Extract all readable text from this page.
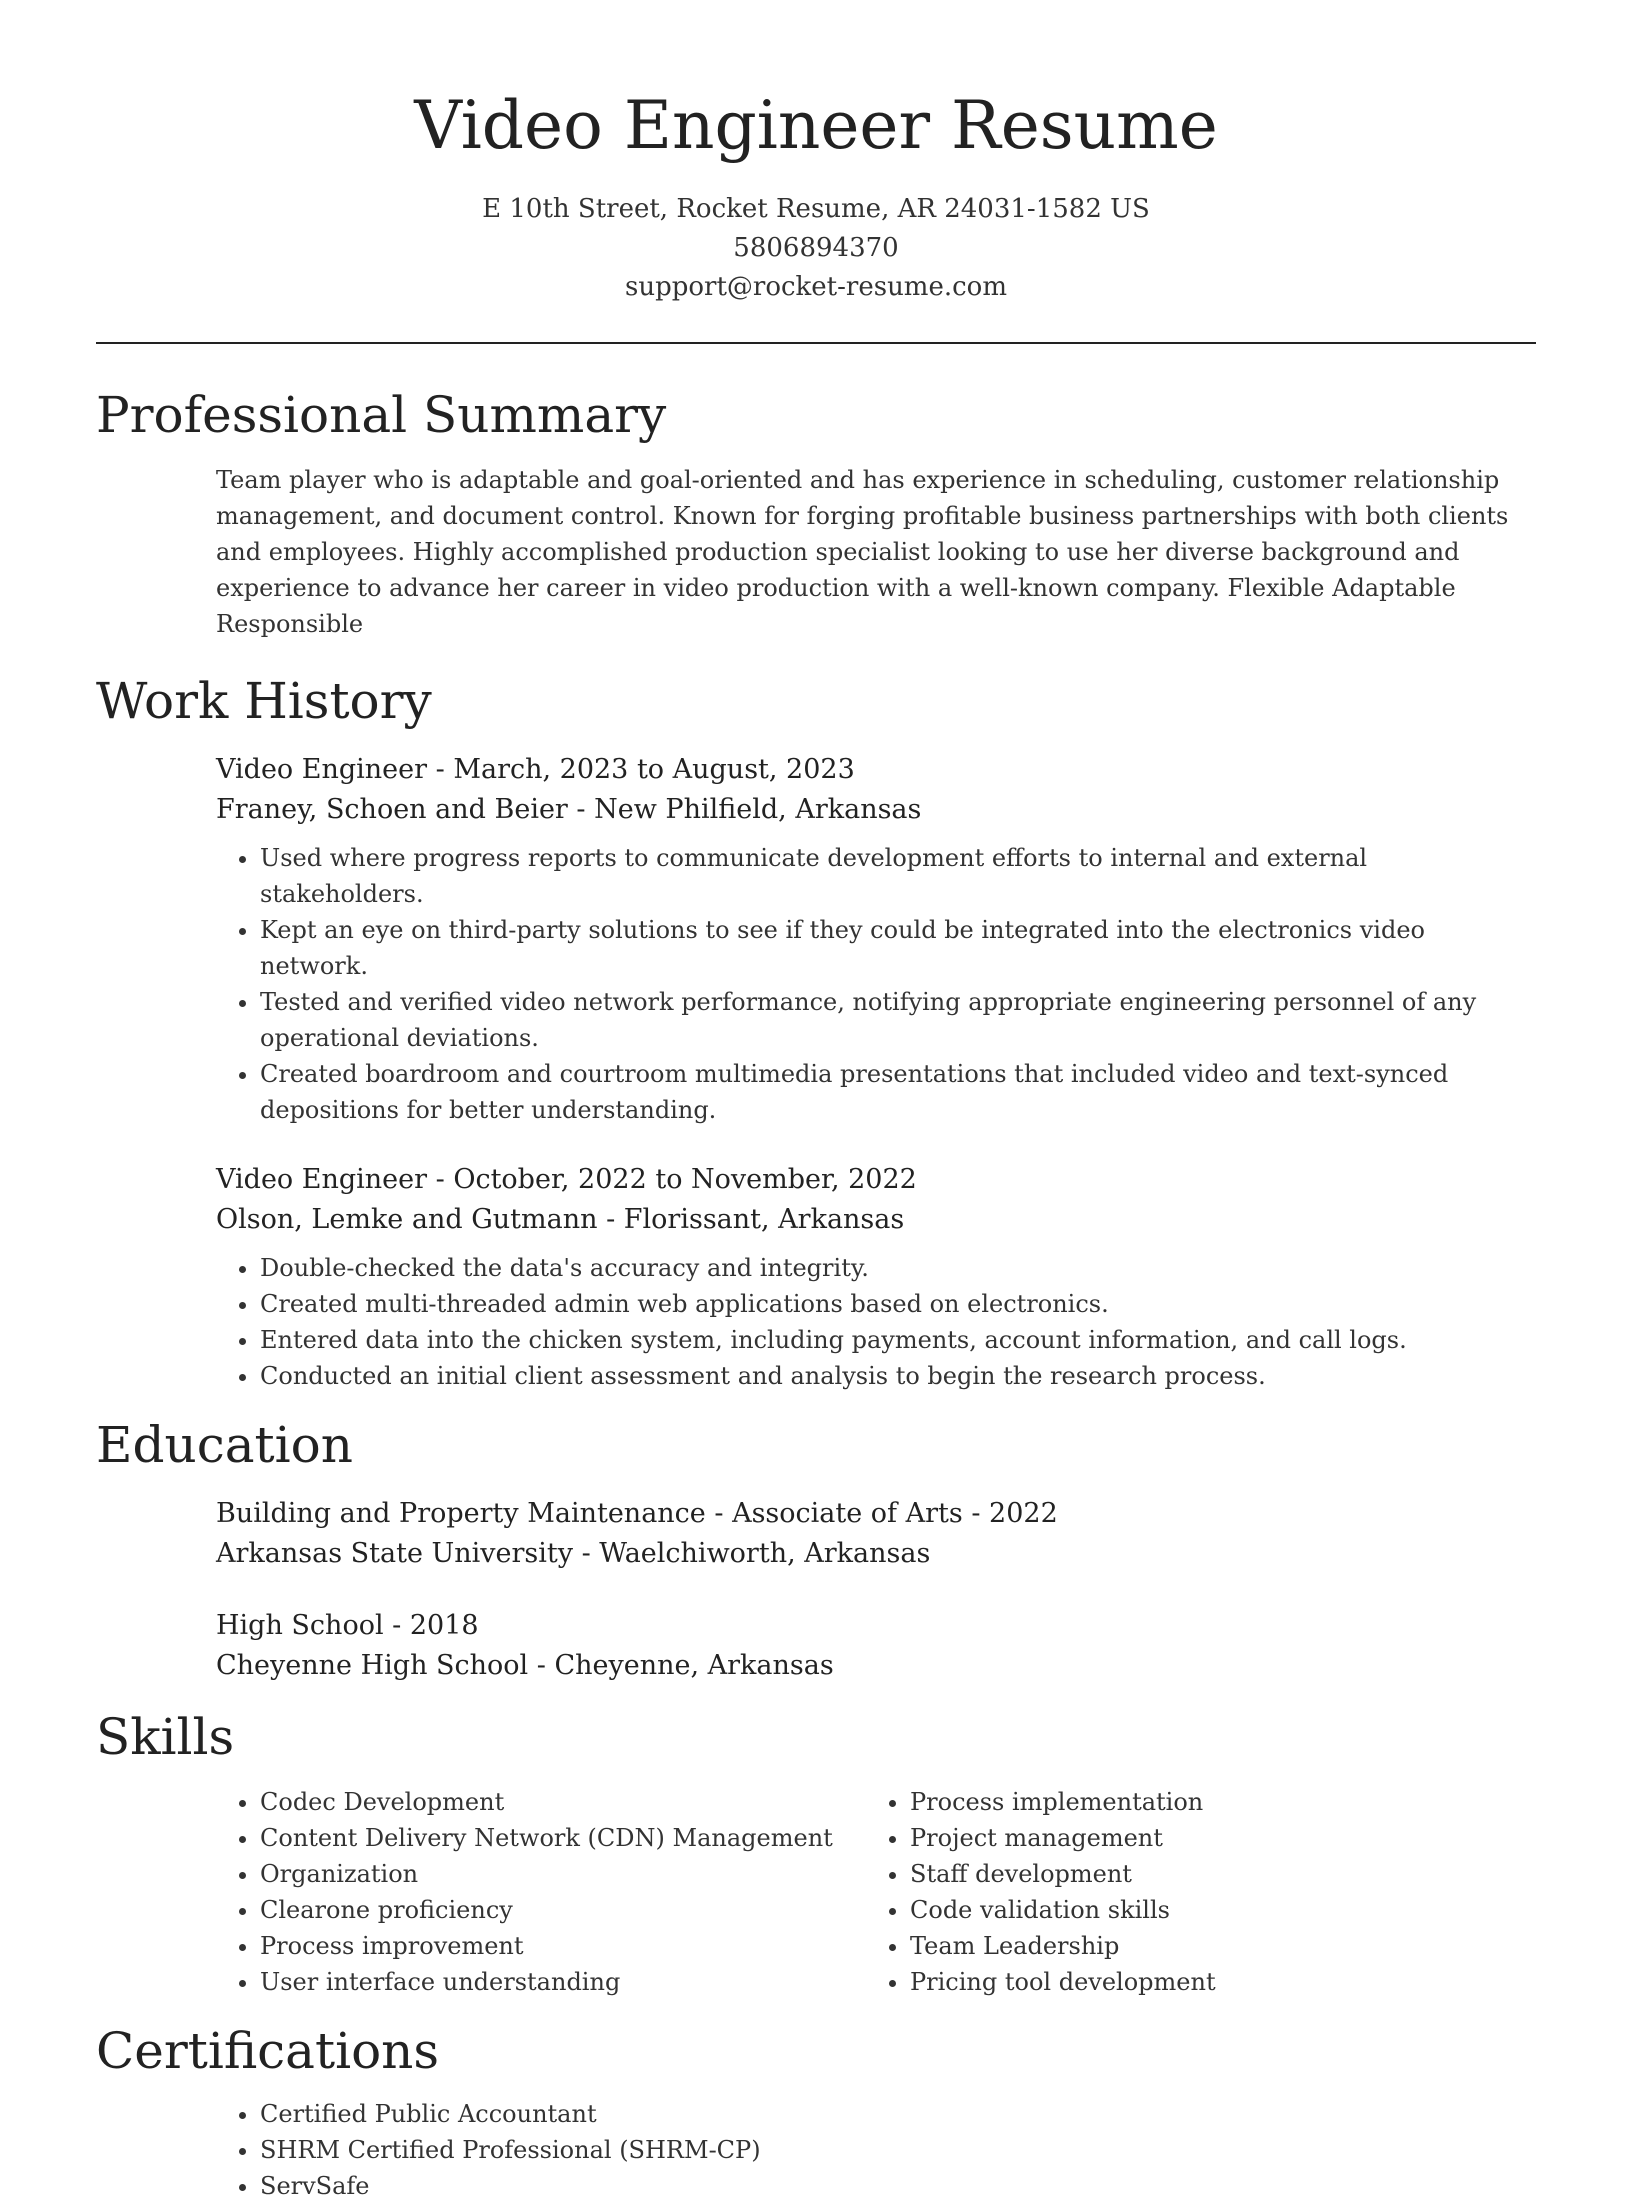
Video Engineer Resume
E 10th Street, Rocket Resume, AR 24031-1582 US
5806894370
support@rocket-resume.com
Professional Summary
Team player who is adaptable and goal-oriented and has experience in scheduling, customer relationship management, and document control. Known for forging profitable business partnerships with both clients and employees. Highly accomplished production specialist looking to use her diverse background and experience to advance her career in video production with a well-known company. Flexible Adaptable Responsible
Work History
Video Engineer - March, 2023 to August, 2023
Franey, Schoen and Beier - New Philfield, Arkansas
• Used where progress reports to communicate development efforts to internal and external stakeholders.
• Kept an eye on third-party solutions to see if they could be integrated into the electronics video network.
• Tested and verified video network performance, notifying appropriate engineering personnel of any operational deviations.
• Created boardroom and courtroom multimedia presentations that included video and text-synced depositions for better understanding.
Video Engineer - October, 2022 to November, 2022
Olson, Lemke and Gutmann - Florissant, Arkansas
• Double-checked the data's accuracy and integrity.
• Created multi-threaded admin web applications based on electronics.
• Entered data into the chicken system, including payments, account information, and call logs.
• Conducted an initial client assessment and analysis to begin the research process.
Education
Building and Property Maintenance - Associate of Arts - 2022
Arkansas State University - Waelchiworth, Arkansas
High School - 2018
Cheyenne High School - Cheyenne, Arkansas
Skills
• Codec Development
• Content Delivery Network (CDN) Management
• Organization
• Clearone proficiency
• Process improvement
• User interface understanding
• Process implementation
• Project management
• Staff development
• Code validation skills
• Team Leadership
• Pricing tool development
Certifications
• Certified Public Accountant
• SHRM Certified Professional (SHRM-CP)
• ServSafe
